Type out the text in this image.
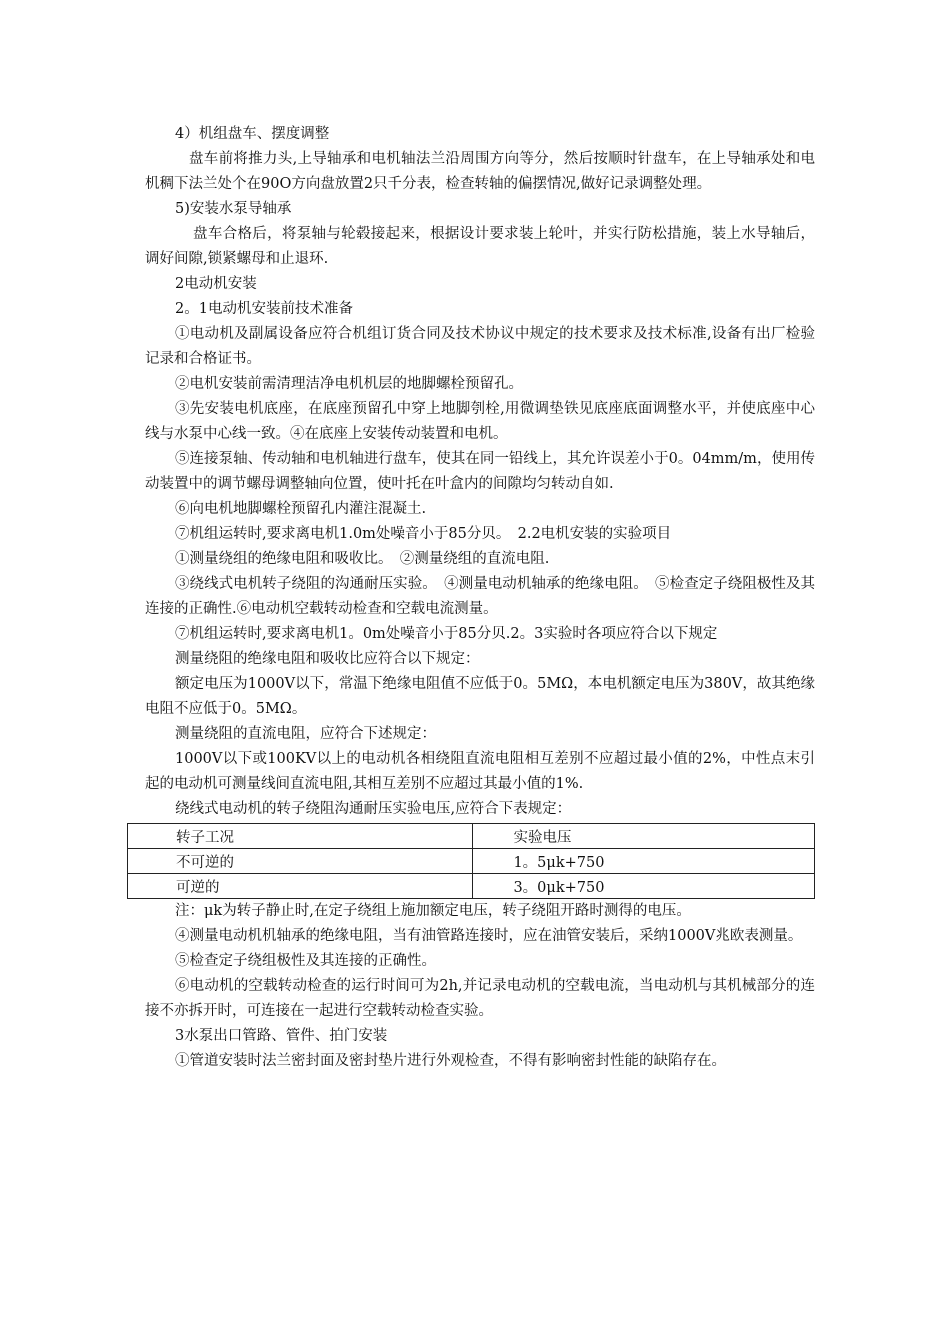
4）机组盘车、摆度调整

盘车前将推力头,上导轴承和电机轴法兰沿周围方向等分，然后按顺时针盘车，在上导轴承处和电机稠下法兰处个在90O方向盘放置2只千分表，检查转轴的偏摆情况,做好记录调整处理。

5)安装水泵导轴承

盘车合格后，将泵轴与轮毂接起来，根据设计要求装上轮叶，并实行防松措施，装上水导轴后，调好间隙,锁紧螺母和止退环.

2电动机安装

2。1电动机安装前技术准备

①电动机及副属设备应符合机组订货合同及技术协议中规定的技术要求及技术标准,设备有出厂检验记录和合格证书。

②电机安装前需清理洁净电机机层的地脚螺栓预留孔。

③先安装电机底座，在底座预留孔中穿上地脚刳栓,用微调垫铁见底座底面调整水平，并使底座中心线与水泵中心线一致。④在底座上安装传动装置和电机。

⑤连接泵轴、传动轴和电机轴进行盘车，使其在同一铅线上，其允许误差小于0。04mm/m，使用传动装置中的调节螺母调整轴向位置，使叶托在叶盒内的间隙均匀转动自如.

⑥向电机地脚螺栓预留孔内灌注混凝土.

⑦机组运转时,要求离电机1.0m处噪音小于85分贝。　2.2电机安装的实验项目

①测量绕组的绝缘电阻和吸收比。　②测量绕组的直流电阻.

③绕线式电机转子绕阻的沟通耐压实验。　④测量电动机轴承的绝缘电阻。　⑤检查定子绕阻极性及其连接的正确性.⑥电动机空载转动检查和空载电流测量。

⑦机组运转时,要求离电机1。0m处噪音小于85分贝.2。3实验时各项应符合以下规定

测量绕阻的绝缘电阻和吸收比应符合以下规定：

额定电压为1000V以下，常温下绝缘电阻值不应低于0。5MΩ，本电机额定电压为380V，故其绝缘电阻不应低于0。5MΩ。

测量绕阻的直流电阻，应符合下述规定：

1000V以下或100KV以上的电动机各相绕阻直流电阻相互差别不应超过最小值的2%，中性点末引起的电动机可测量线间直流电阻,其相互差别不应超过其最小值的1%.

绕线式电动机的转子绕阻沟通耐压实验电压,应符合下表规定：

转子工况	实验电压
不可逆的	1。5μk+750
可逆的	3。0μk+750

注：μk为转子静止时,在定子绕组上施加额定电压，转子绕阻开路时测得的电压。

④测量电动机机轴承的绝缘电阻，当有油管路连接时，应在油管安装后，采纳1000V兆欧表测量。

⑤检查定子绕组极性及其连接的正确性。

⑥电动机的空载转动检查的运行时间可为2h,并记录电动机的空载电流，当电动机与其机械部分的连接不亦拆开时，可连接在一起进行空载转动检查实验。

3水泵出口管路、管件、拍门安装

①管道安装时法兰密封面及密封垫片进行外观检查，不得有影响密封性能的缺陷存在。
